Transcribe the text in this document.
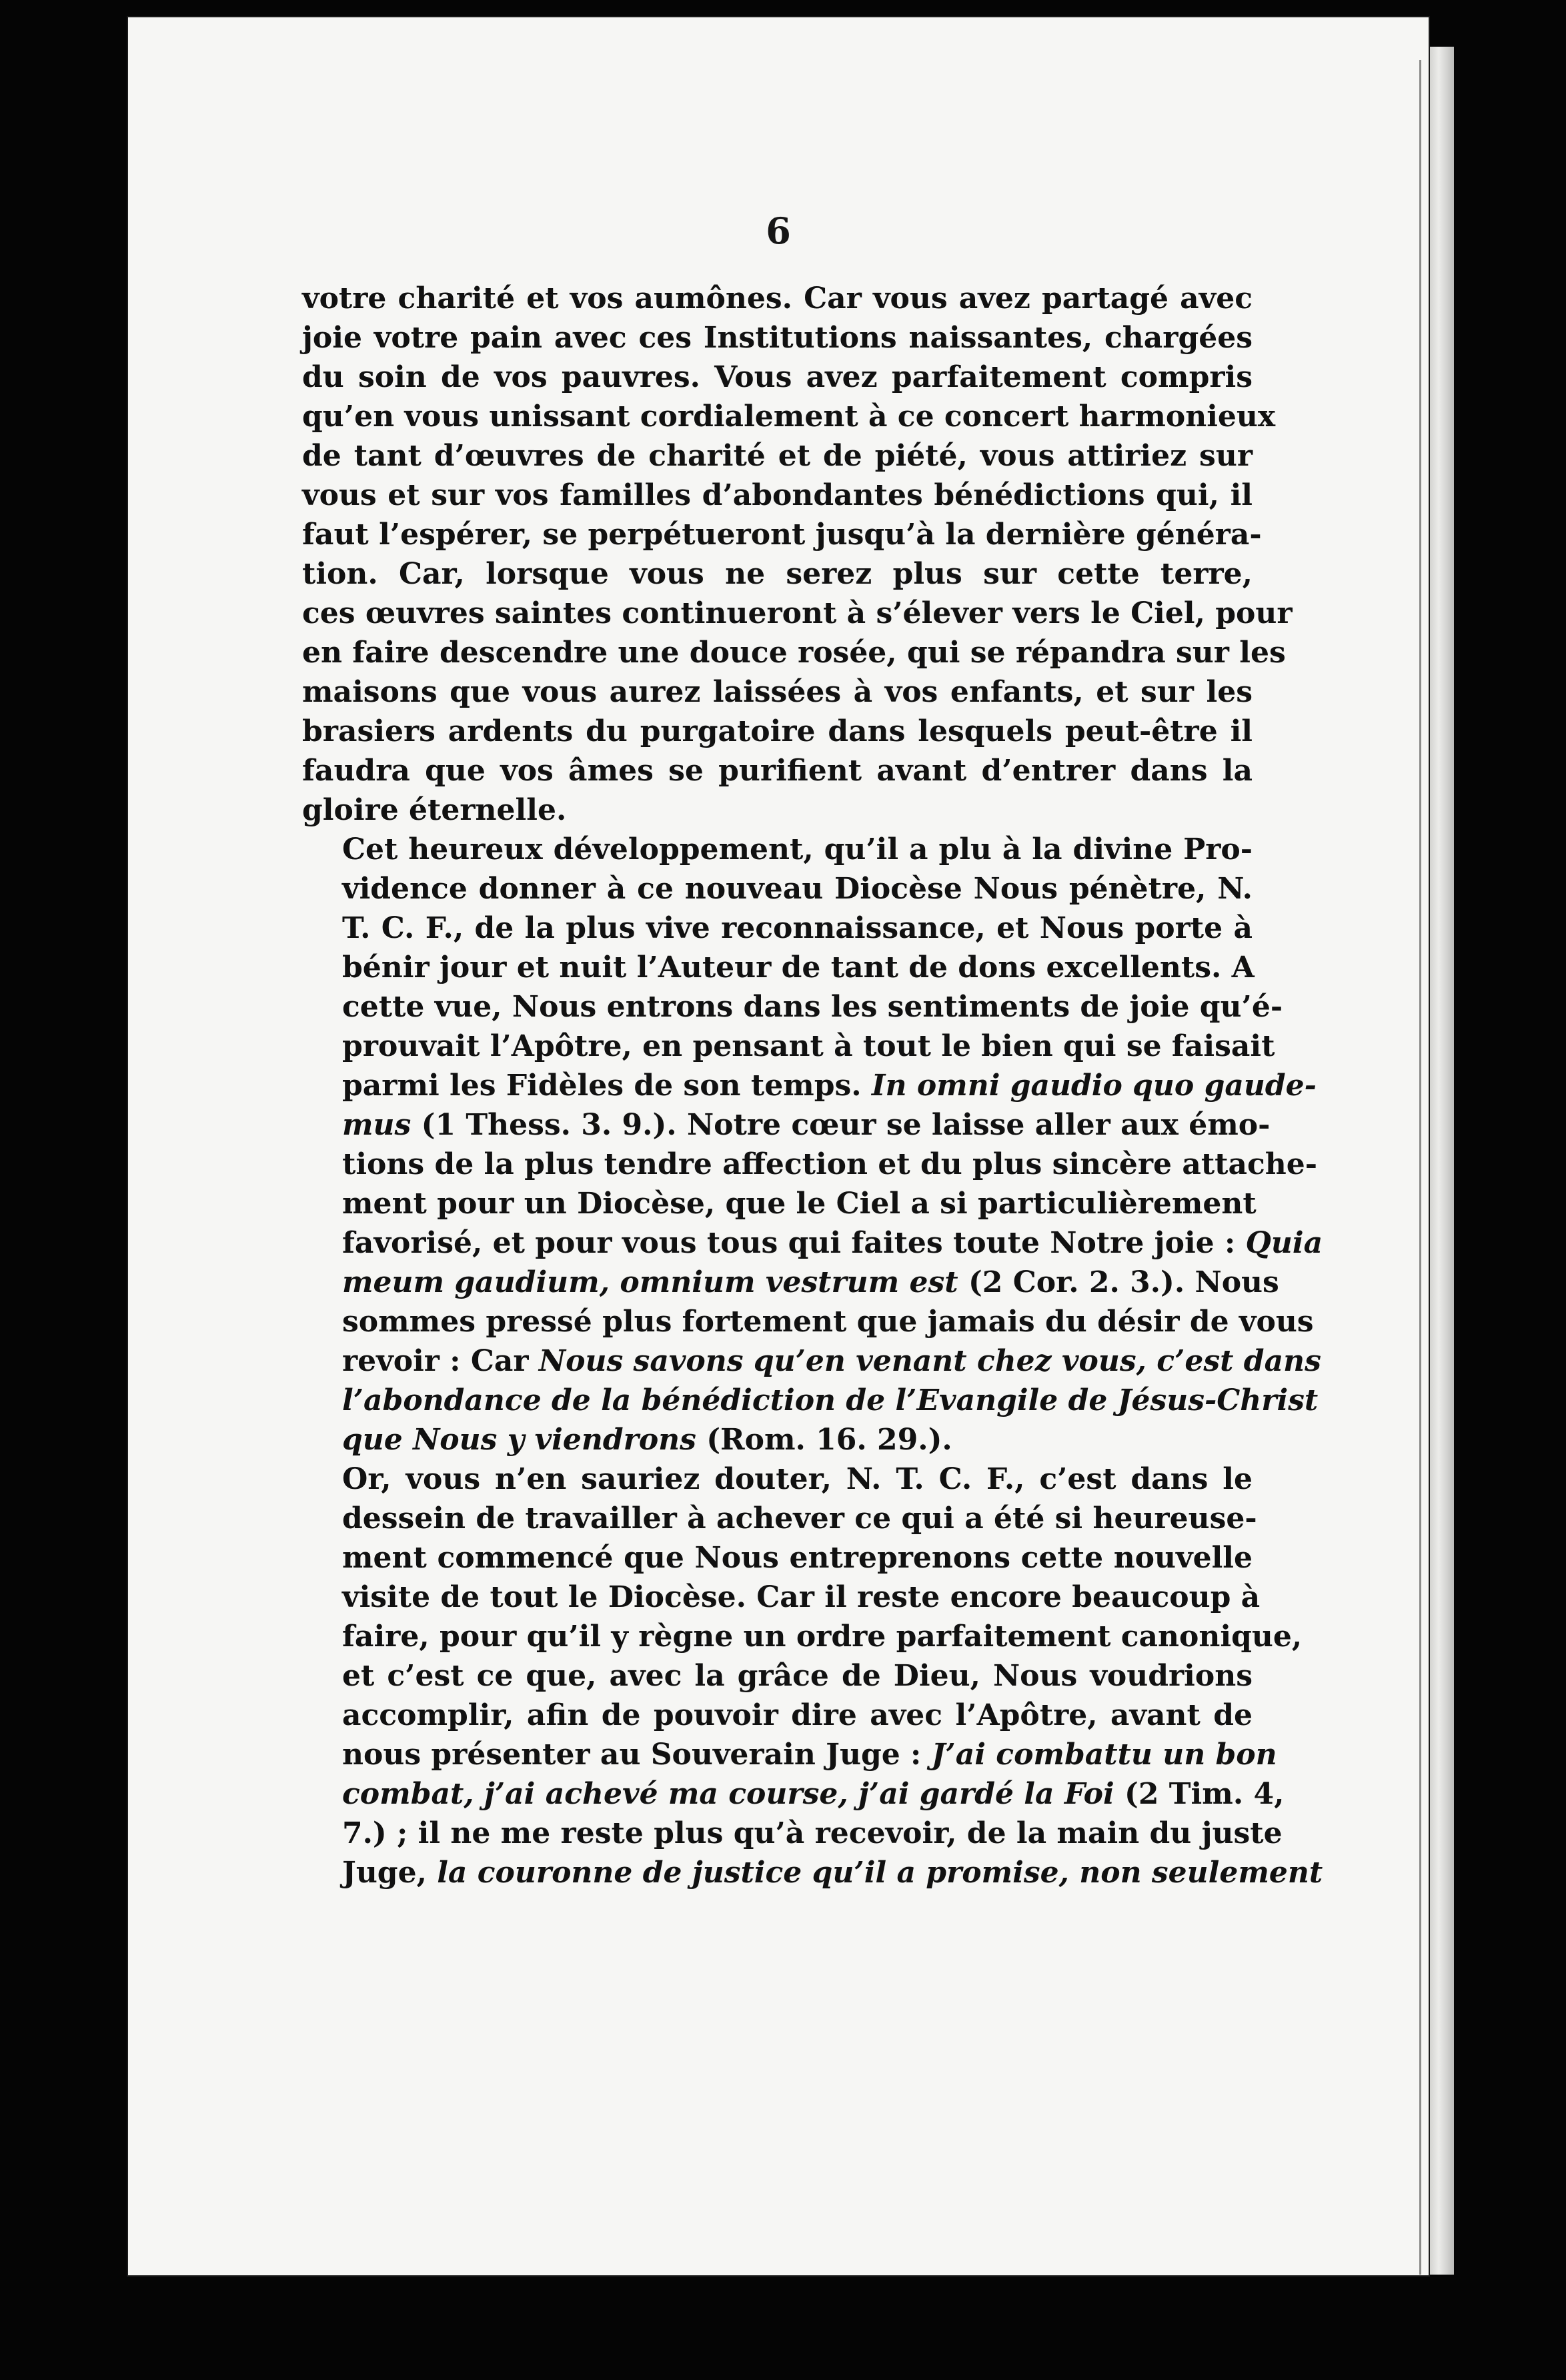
6

votre charité et vos aumônes. Car vous avez partagé avec
joie votre pain avec ces Institutions naissantes, chargées
du soin de vos pauvres. Vous avez parfaitement compris
qu’en vous unissant cordialement à ce concert harmonieux
de tant d’œuvres de charité et de piété, vous attiriez sur
vous et sur vos familles d’abondantes bénédictions qui, il
faut l’espérer, se perpétueront jusqu’à la dernière généra-
tion. Car, lorsque vous ne serez plus sur cette terre,
ces œuvres saintes continueront à s’élever vers le Ciel, pour
en faire descendre une douce rosée, qui se répandra sur les
maisons que vous aurez laissées à vos enfants, et sur les
brasiers ardents du purgatoire dans lesquels peut-être il
faudra que vos âmes se purifient avant d’entrer dans la
gloire éternelle.

Cet heureux développement, qu’il a plu à la divine Pro-
vidence donner à ce nouveau Diocèse Nous pénètre, N.
T. C. F., de la plus vive reconnaissance, et Nous porte à
bénir jour et nuit l’Auteur de tant de dons excellents. A
cette vue, Nous entrons dans les sentiments de joie qu’é-
prouvait l’Apôtre, en pensant à tout le bien qui se faisait
parmi les Fidèles de son temps. In omni gaudio quo gaude-
mus (1 Thess. 3. 9.). Notre cœur se laisse aller aux émo-
tions de la plus tendre affection et du plus sincère attache-
ment pour un Diocèse, que le Ciel a si particulièrement
favorisé, et pour vous tous qui faites toute Notre joie : Quia
meum gaudium, omnium vestrum est (2 Cor. 2. 3.). Nous
sommes pressé plus fortement que jamais du désir de vous
revoir : Car Nous savons qu’en venant chez vous, c’est dans
l’abondance de la bénédiction de l’Evangile de Jésus-Christ
que Nous y viendrons (Rom. 16. 29.).

Or, vous n’en sauriez douter, N. T. C. F., c’est dans le
dessein de travailler à achever ce qui a été si heureuse-
ment commencé que Nous entreprenons cette nouvelle
visite de tout le Diocèse. Car il reste encore beaucoup à
faire, pour qu’il y règne un ordre parfaitement canonique,
et c’est ce que, avec la grâce de Dieu, Nous voudrions
accomplir, afin de pouvoir dire avec l’Apôtre, avant de
nous présenter au Souverain Juge : J’ai combattu un bon
combat, j’ai achevé ma course, j’ai gardé la Foi (2 Tim. 4,
7.) ; il ne me reste plus qu’à recevoir, de la main du juste
Juge, la couronne de justice qu’il a promise, non seulement
